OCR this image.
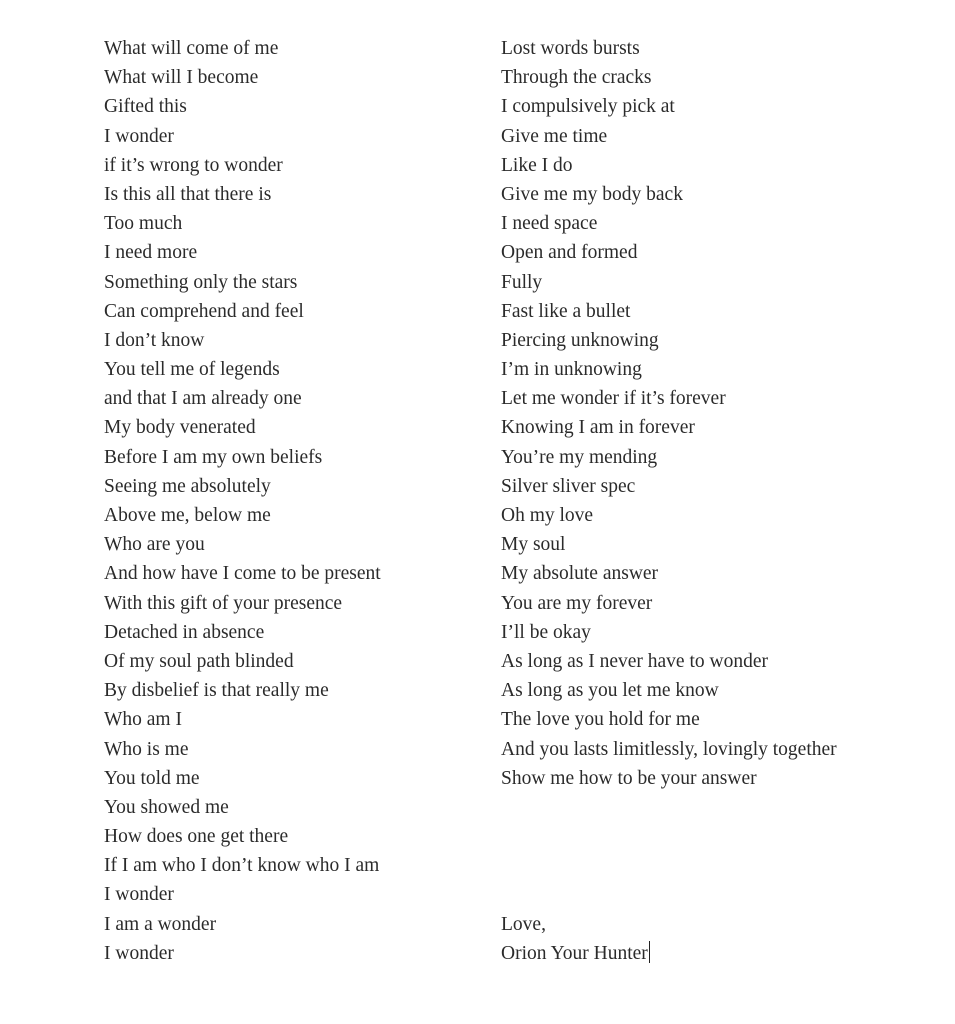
What will come of me
What will I become
Gifted this
I wonder
if it’s wrong to wonder
Is this all that there is
Too much
I need more
Something only the stars
Can comprehend and feel
I don’t know
You tell me of legends
and that I am already one
My body venerated
Before I am my own beliefs
Seeing me absolutely
Above me, below me
Who are you
And how have I come to be present
With this gift of your presence
Detached in absence
Of my soul path blinded
By disbelief is that really me
Who am I
Who is me
You told me
You showed me
How does one get there
If I am who I don’t know who I am
I wonder
I am a wonder
I wonder
Lost words bursts
Through the cracks
I compulsively pick at
Give me time
Like I do
Give me my body back
I need space
Open and formed
Fully
Fast like a bullet
Piercing unknowing
I’m in unknowing
Let me wonder if it’s forever
Knowing I am in forever
You’re my mending
Silver sliver spec
Oh my love
My soul
My absolute answer
You are my forever
I’ll be okay
As long as I never have to wonder
As long as you let me know
The love you hold for me
And you lasts limitlessly, lovingly together
Show me how to be your answer
Love,
Orion Your Hunter
